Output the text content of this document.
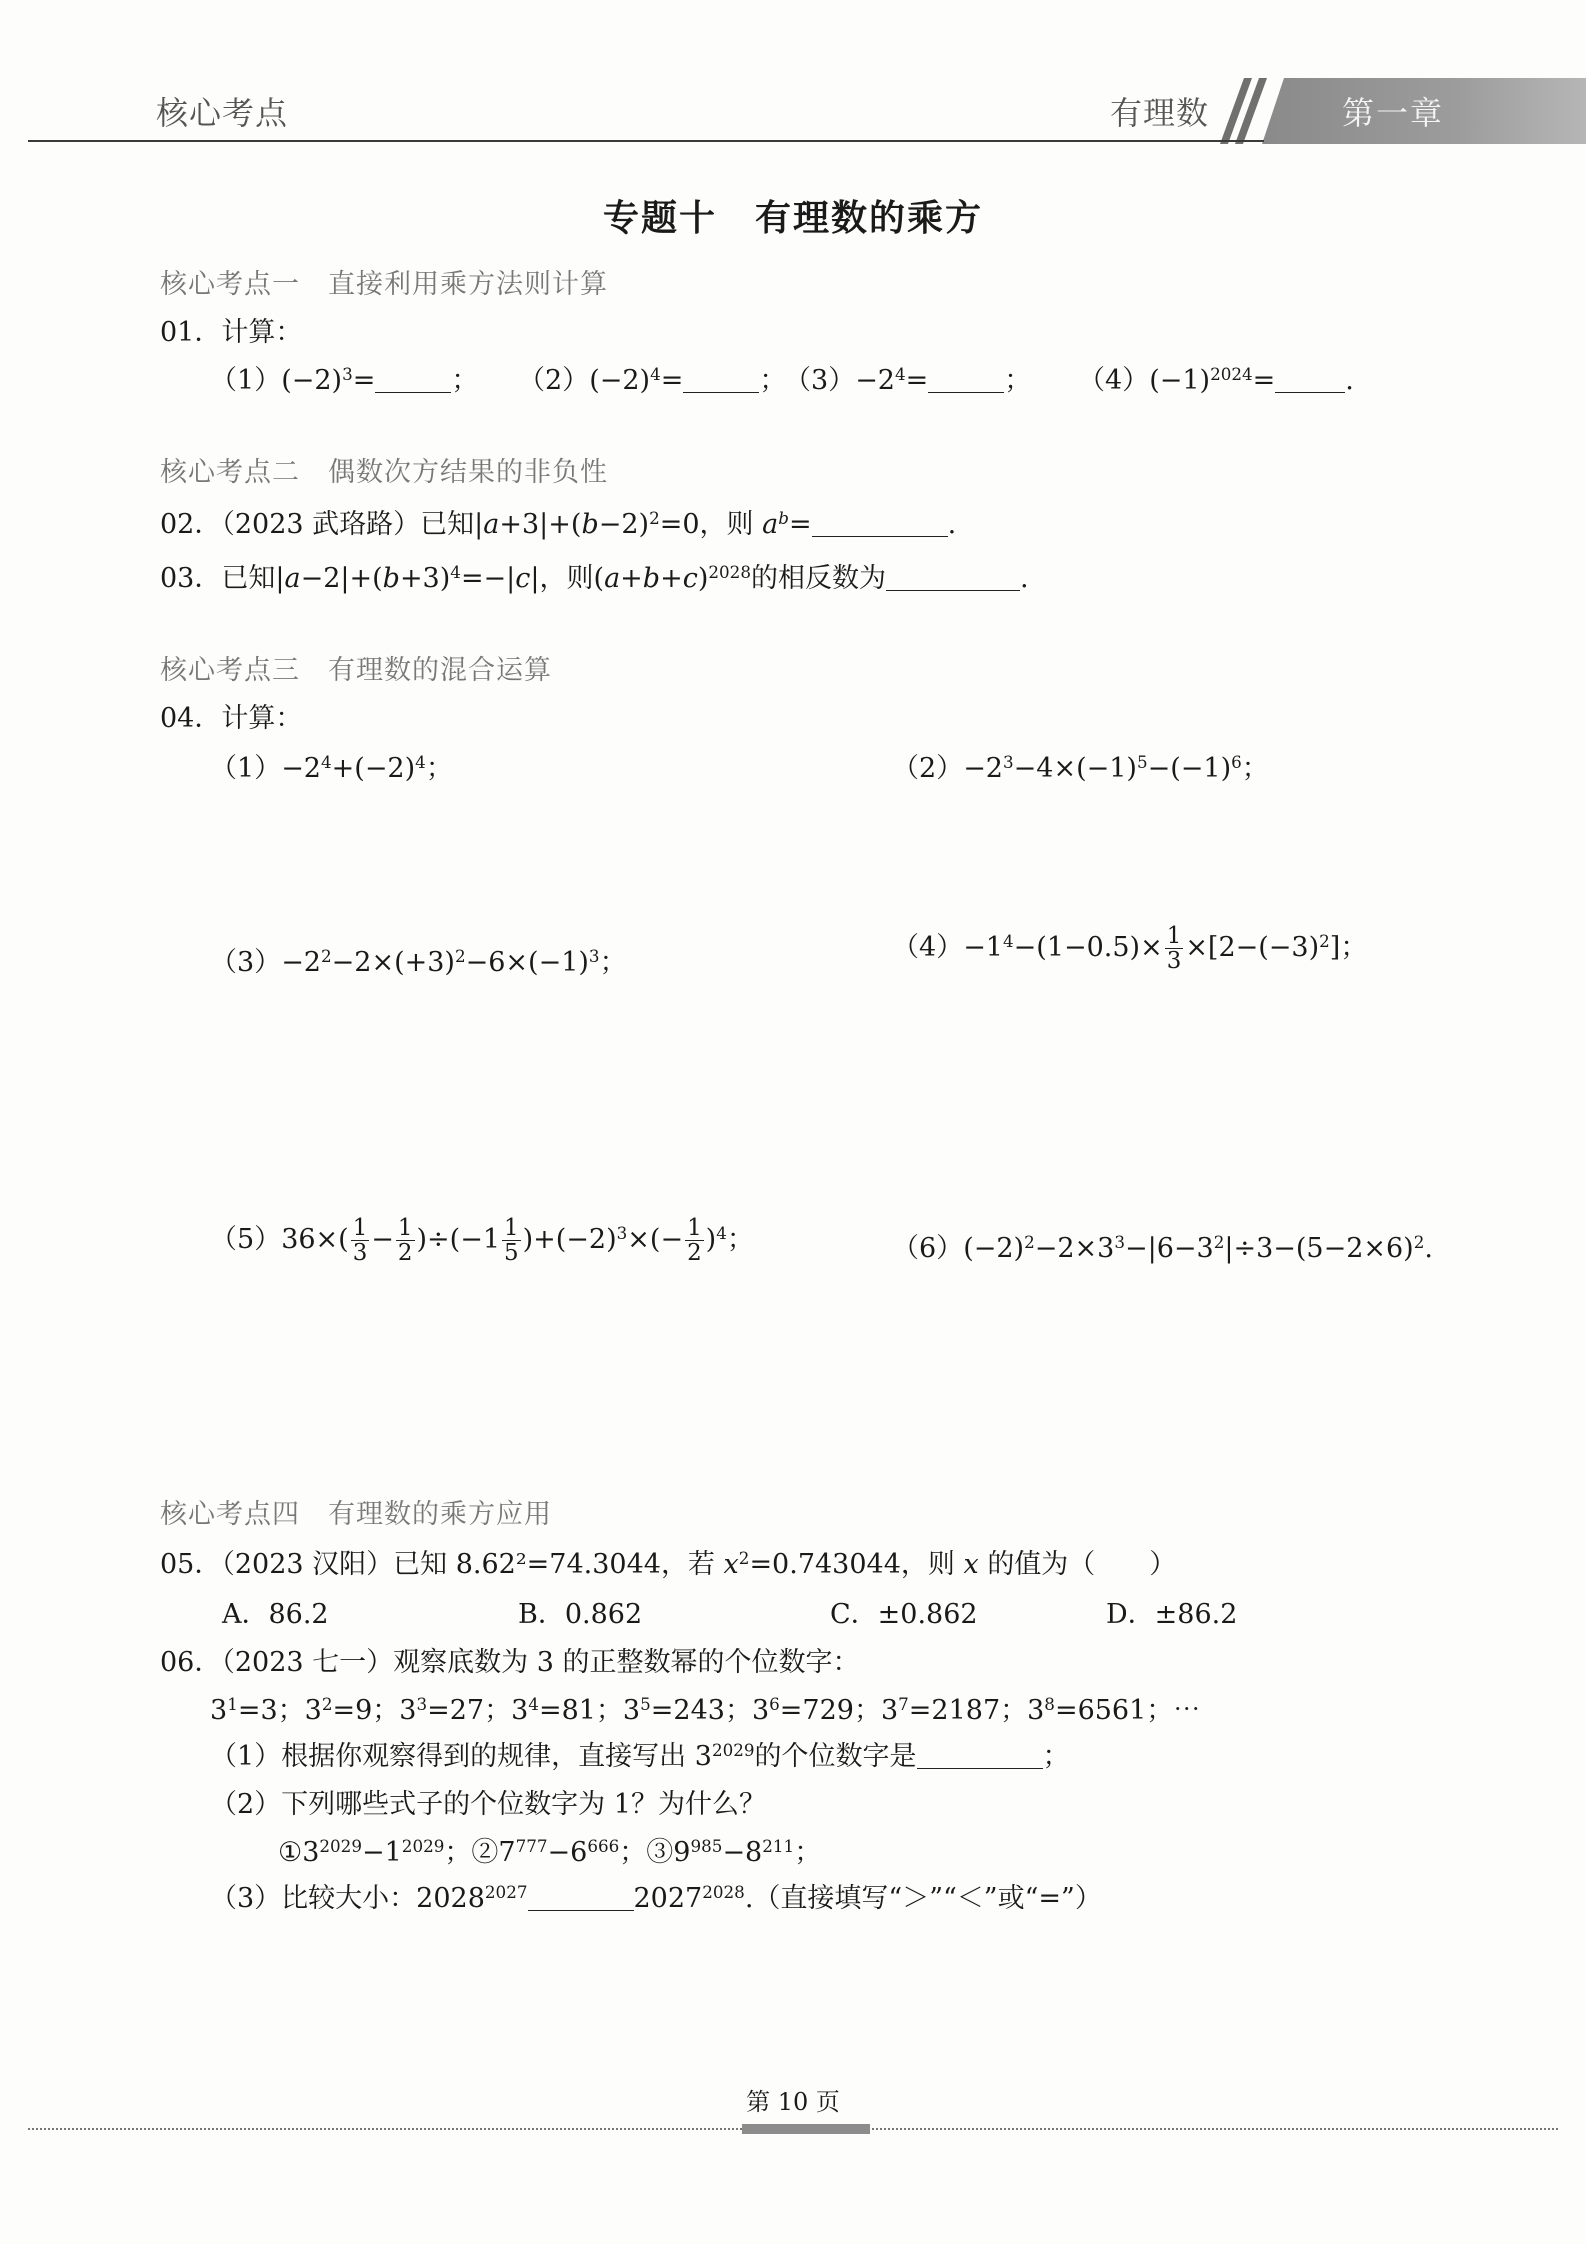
核心考点	有理数	第一章
专题十　有理数的乘方
核心考点一　直接利用乘方法则计算
01．计算：
$(1)(-2)^3=$	； $(2)(-2)^4=$	；
$(3)-2^4=$	； $(4)(-1)^{2024}=$	.
核心考点二　偶数次方结果的非负性
02．（2023 武珞路）已知$|a+3|+(b-2)^2=0$，则 $a^b=$	.
03．已知$|a-2|+(b+3)^4=-|c|$，则$(a+b+c)^{2028}$的相反数为	.
核心考点三　有理数的混合运算
04．计算：
$(1)-2^4+(-2)^4$；	$(2)-2^3-4\times(-1)^5-(-1)^6$；
$(3)-2^2-2\times(+3)^2-6\times(-1)^3$；	$(4)-1^4-(1-0.5)\times \frac{1}{3} \times[2-(-3)^2]$；
$(5)36\times( \frac{1}{3} - \frac{1}{2} )\div(-1 \frac{1}{5} )+(-2)^3\times(- \frac{1}{2} )^4$；	$(6)(-2)^2-2\times 3^3-|6-3^2|\div 3-(5-2\times 6)^2$.
核心考点四　有理数的乘方应用
05．（2023 汉阳）已知 8.62²=74.3044，若 $x^2=0.743044$，则 x 的值为（　　）
A．86.2	B．0.862	C．±0.862	D．±86.2
06．（2023 七一）观察底数为 3 的正整数幂的个位数字：
$3^1=3$；$3^2=9$；$3^3=27$；$3^4=81$；$3^5=243$；$3^6=729$；$3^7=2187$；$3^8=6561$；⋯
（1）根据你观察得到的规律，直接写出 $3^{2029}$的个位数字是	；
（2）下列哪些式子的个位数字为 1？为什么？
$①3^{2029}-1^{2029}$；$②7^{777}-6^{666}$；$③9^{985}-8^{211}$；
（3）比较大小：$2028^{2027}$	$2027^{2028}$.（直接填写“＞”“＜”或“=”）
第 10 页
